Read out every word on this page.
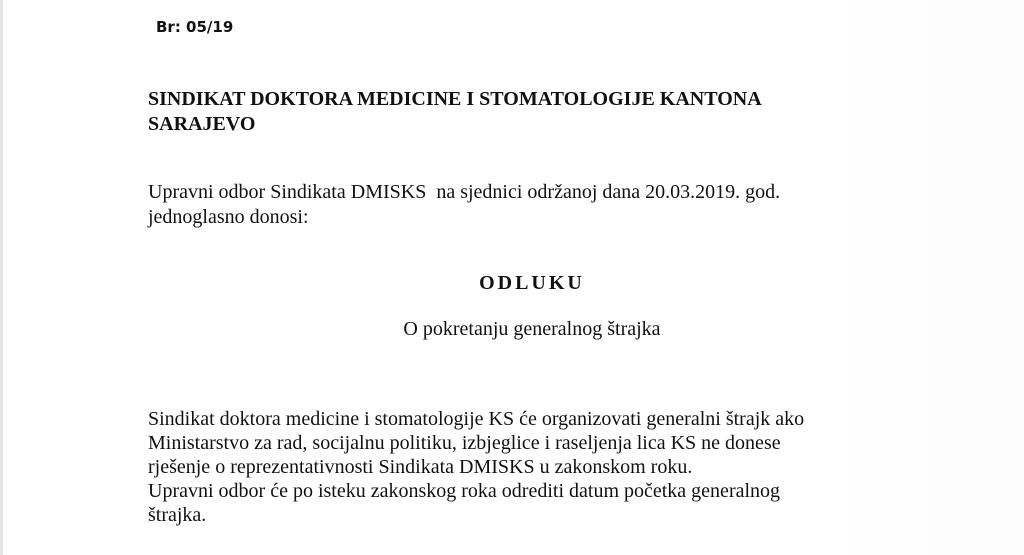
Br: 05/19
SINDIKAT DOKTORA MEDICINE I STOMATOLOGIJE KANTONA
SARAJEVO

Upravni odbor Sindikata DMISKS  na sjednici održanoj dana 20.03.2019. god.
jednoglasno donosi:

ODLUKU

O pokretanju generalnog štrajka

Sindikat doktora medicine i stomatologije KS će organizovati generalni štrajk ako
Ministarstvo za rad, socijalnu politiku, izbjeglice i raseljenja lica KS ne donese
rješenje o reprezentativnosti Sindikata DMISKS u zakonskom roku.
Upravni odbor će po isteku zakonskog roka odrediti datum početka generalnog
štrajka.
